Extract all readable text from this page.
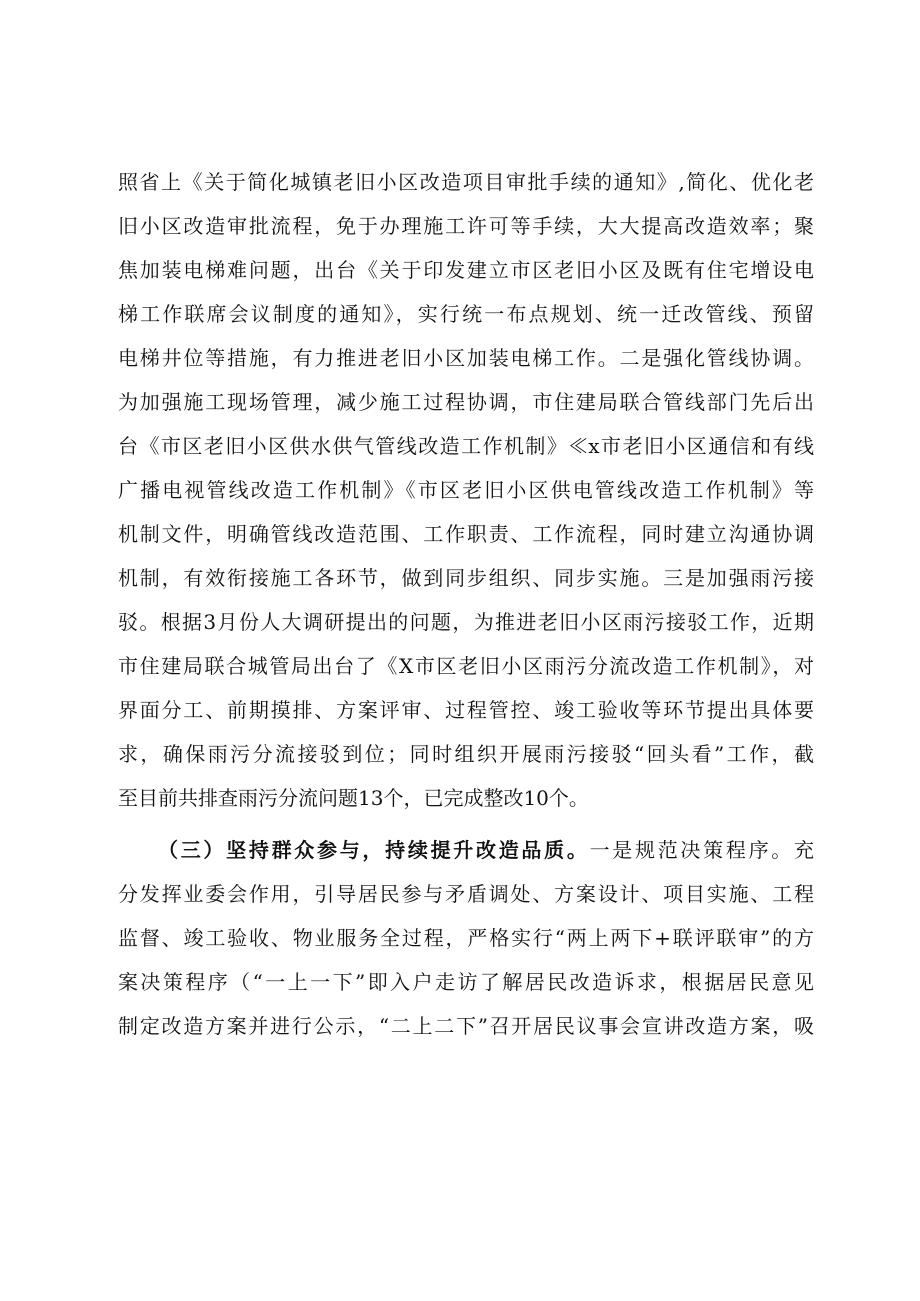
照省上《关于简化城镇老旧小区改造项目审批手续的通知》,简化、优化老
旧小区改造审批流程，免于办理施工许可等手续，大大提高改造效率；聚
焦加装电梯难问题，出台《关于印发建立市区老旧小区及既有住宅增设电
梯工作联席会议制度的通知》，实行统一布点规划、统一迁改管线、预留
电梯井位等措施，有力推进老旧小区加装电梯工作。二是强化管线协调。
为加强施工现场管理，减少施工过程协调，市住建局联合管线部门先后出
台《市区老旧小区供水供气管线改造工作机制》≪x市老旧小区通信和有线
广播电视管线改造工作机制》《市区老旧小区供电管线改造工作机制》等
机制文件，明确管线改造范围、工作职责、工作流程，同时建立沟通协调
机制，有效衔接施工各环节，做到同步组织、同步实施。三是加强雨污接
驳。根据3月份人大调研提出的问题，为推进老旧小区雨污接驳工作，近期
市住建局联合城管局出台了《X市区老旧小区雨污分流改造工作机制》，对
界面分工、前期摸排、方案评审、过程管控、竣工验收等环节提出具体要
求，确保雨污分流接驳到位；同时组织开展雨污接驳“回头看”工作，截
至目前共排查雨污分流问题13个，已完成整改10个。
（三）坚持群众参与，持续提升改造品质。一是规范决策程序。充
分发挥业委会作用，引导居民参与矛盾调处、方案设计、项目实施、工程
监督、竣工验收、物业服务全过程，严格实行“两上两下+联评联审”的方
案决策程序（“一上一下”即入户走访了解居民改造诉求，根据居民意见
制定改造方案并进行公示，“二上二下”召开居民议事会宣讲改造方案，吸
